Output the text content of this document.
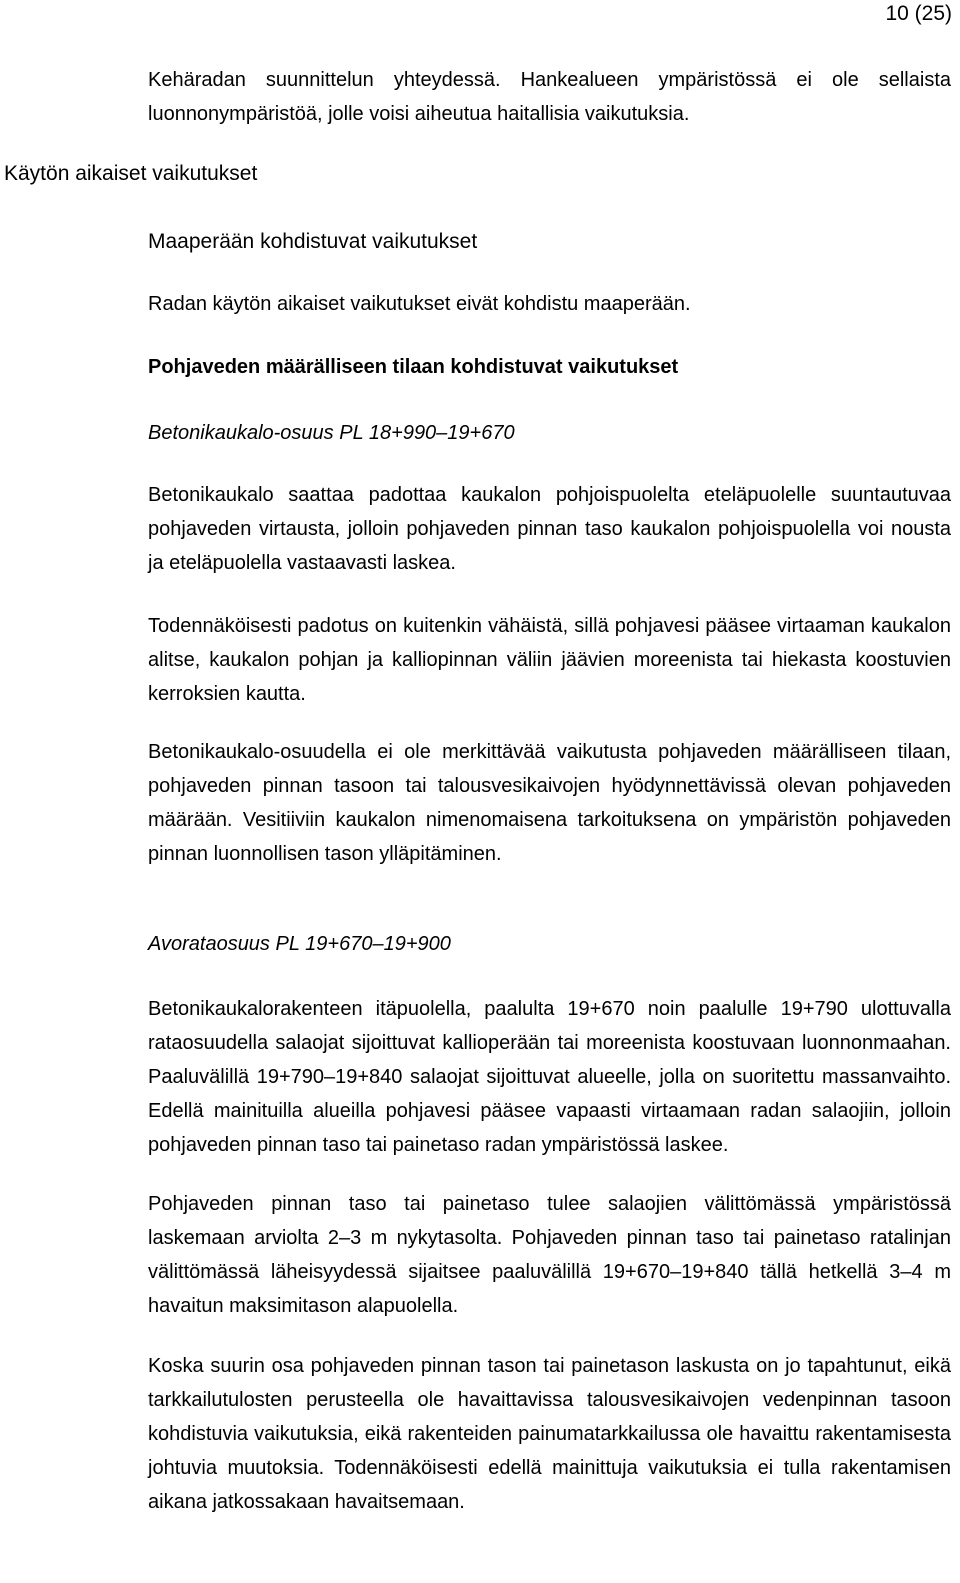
10 (25)
Kehäradan suunnittelun yhteydessä. Hankealueen ympäristössä ei ole sellaista luonnonympäristöä, jolle voisi aiheutua haitallisia vaikutuksia.
Käytön aikaiset vaikutukset
Maaperään kohdistuvat vaikutukset
Radan käytön aikaiset vaikutukset eivät kohdistu maaperään.
Pohjaveden määrälliseen tilaan kohdistuvat vaikutukset
Betonikaukalo-osuus PL 18+990–19+670
Betonikaukalo saattaa padottaa kaukalon pohjoispuolelta eteläpuolelle suuntautuvaa pohjaveden virtausta, jolloin pohjaveden pinnan taso kaukalon pohjoispuolella voi nousta ja eteläpuolella vastaavasti laskea.
Todennäköisesti padotus on kuitenkin vähäistä, sillä pohjavesi pääsee virtaaman kaukalon alitse, kaukalon pohjan ja kalliopinnan väliin jäävien moreenista tai hiekasta koostuvien kerroksien kautta.
Betonikaukalo-osuudella ei ole merkittävää vaikutusta pohjaveden määrälliseen tilaan, pohjaveden pinnan tasoon tai talousvesikaivojen hyödynnettävissä olevan pohjaveden määrään. Vesitiiviin kaukalon nimenomaisena tarkoituksena on ympäristön pohjaveden pinnan luonnollisen tason ylläpitäminen.
Avorataosuus PL 19+670–19+900
Betonikaukalorakenteen itäpuolella, paalulta 19+670 noin paalulle 19+790 ulottuvalla rataosuudella salaojat sijoittuvat kallioperään tai moreenista koostuvaan luonnonmaahan. Paaluvälillä 19+790–19+840 salaojat sijoittuvat alueelle, jolla on suoritettu massanvaihto. Edellä mainituilla alueilla pohjavesi pääsee vapaasti virtaamaan radan salaojiin, jolloin pohjaveden pinnan taso tai painetaso radan ympäristössä laskee.
Pohjaveden pinnan taso tai painetaso tulee salaojien välittömässä ympäristössä laskemaan arviolta 2–3 m nykytasolta. Pohjaveden pinnan taso tai painetaso ratalinjan välittömässä läheisyydessä sijaitsee paaluvälillä 19+670–19+840 tällä hetkellä 3–4 m havaitun maksimitason alapuolella.
Koska suurin osa pohjaveden pinnan tason tai painetason laskusta on jo tapahtunut, eikä tarkkailutulosten perusteella ole havaittavissa talousvesikaivojen vedenpinnan tasoon kohdistuvia vaikutuksia, eikä rakenteiden painumatarkkailussa ole havaittu rakentamisesta johtuvia muutoksia. Todennäköisesti edellä mainittuja vaikutuksia ei tulla rakentamisen aikana jatkossakaan havaitsemaan.
